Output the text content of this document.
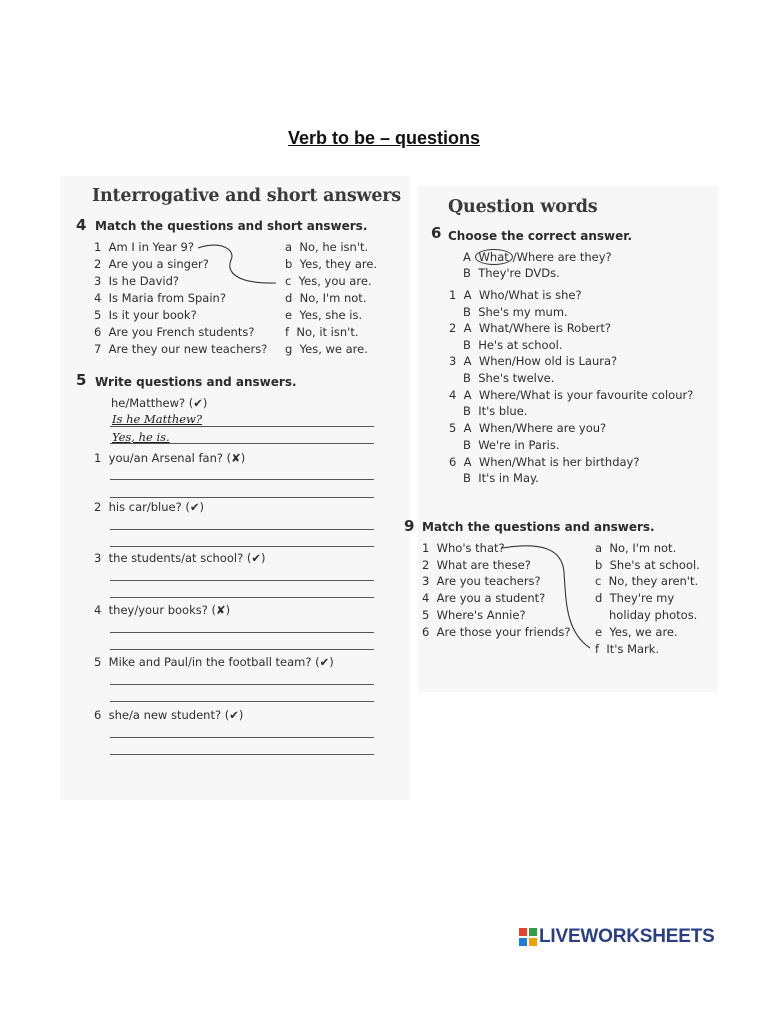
Verb to be – questions
Interrogative and short answers
4 Match the questions and short answers.
1 Am I in Year 9?
2 Are you a singer?
3 Is he David?
4 Is Maria from Spain?
5 Is it your book?
6 Are you French students?
7 Are they our new teachers?
a No, he isn't.
b Yes, they are.
c Yes, you are.
d No, I'm not.
e Yes, she is.
f No, it isn't.
g Yes, we are.
5 Write questions and answers.
he/Matthew? (✔)
Is he Matthew?
Yes, he is.
1 you/an Arsenal fan? (✘)
2 his car/blue? (✔)
3 the students/at school? (✔)
4 they/your books? (✘)
5 Mike and Paul/in the football team? (✔)
6 she/a new student? (✔)
Question words
6 Choose the correct answer.
A What /Where are they?
B They're DVDs.
1  A  Who/What is she?
B  She's my mum.
2  A  What/Where is Robert?
B  He's at school.
3  A  When/How old is Laura?
B  She's twelve.
4  A  Where/What is your favourite colour?
B  It's blue.
5  A  When/Where are you?
B  We're in Paris.
6  A  When/What is her birthday?
B  It's in May.
9 Match the questions and answers.
1 Who's that?
2 What are these?
3 Are you teachers?
4 Are you a student?
5 Where's Annie?
6 Are those your friends?
a No, I'm not.
b She's at school.
c No, they aren't.
d They're my
holiday photos.
e Yes, we are.
f It's Mark.
LIVEWORKSHEETS
